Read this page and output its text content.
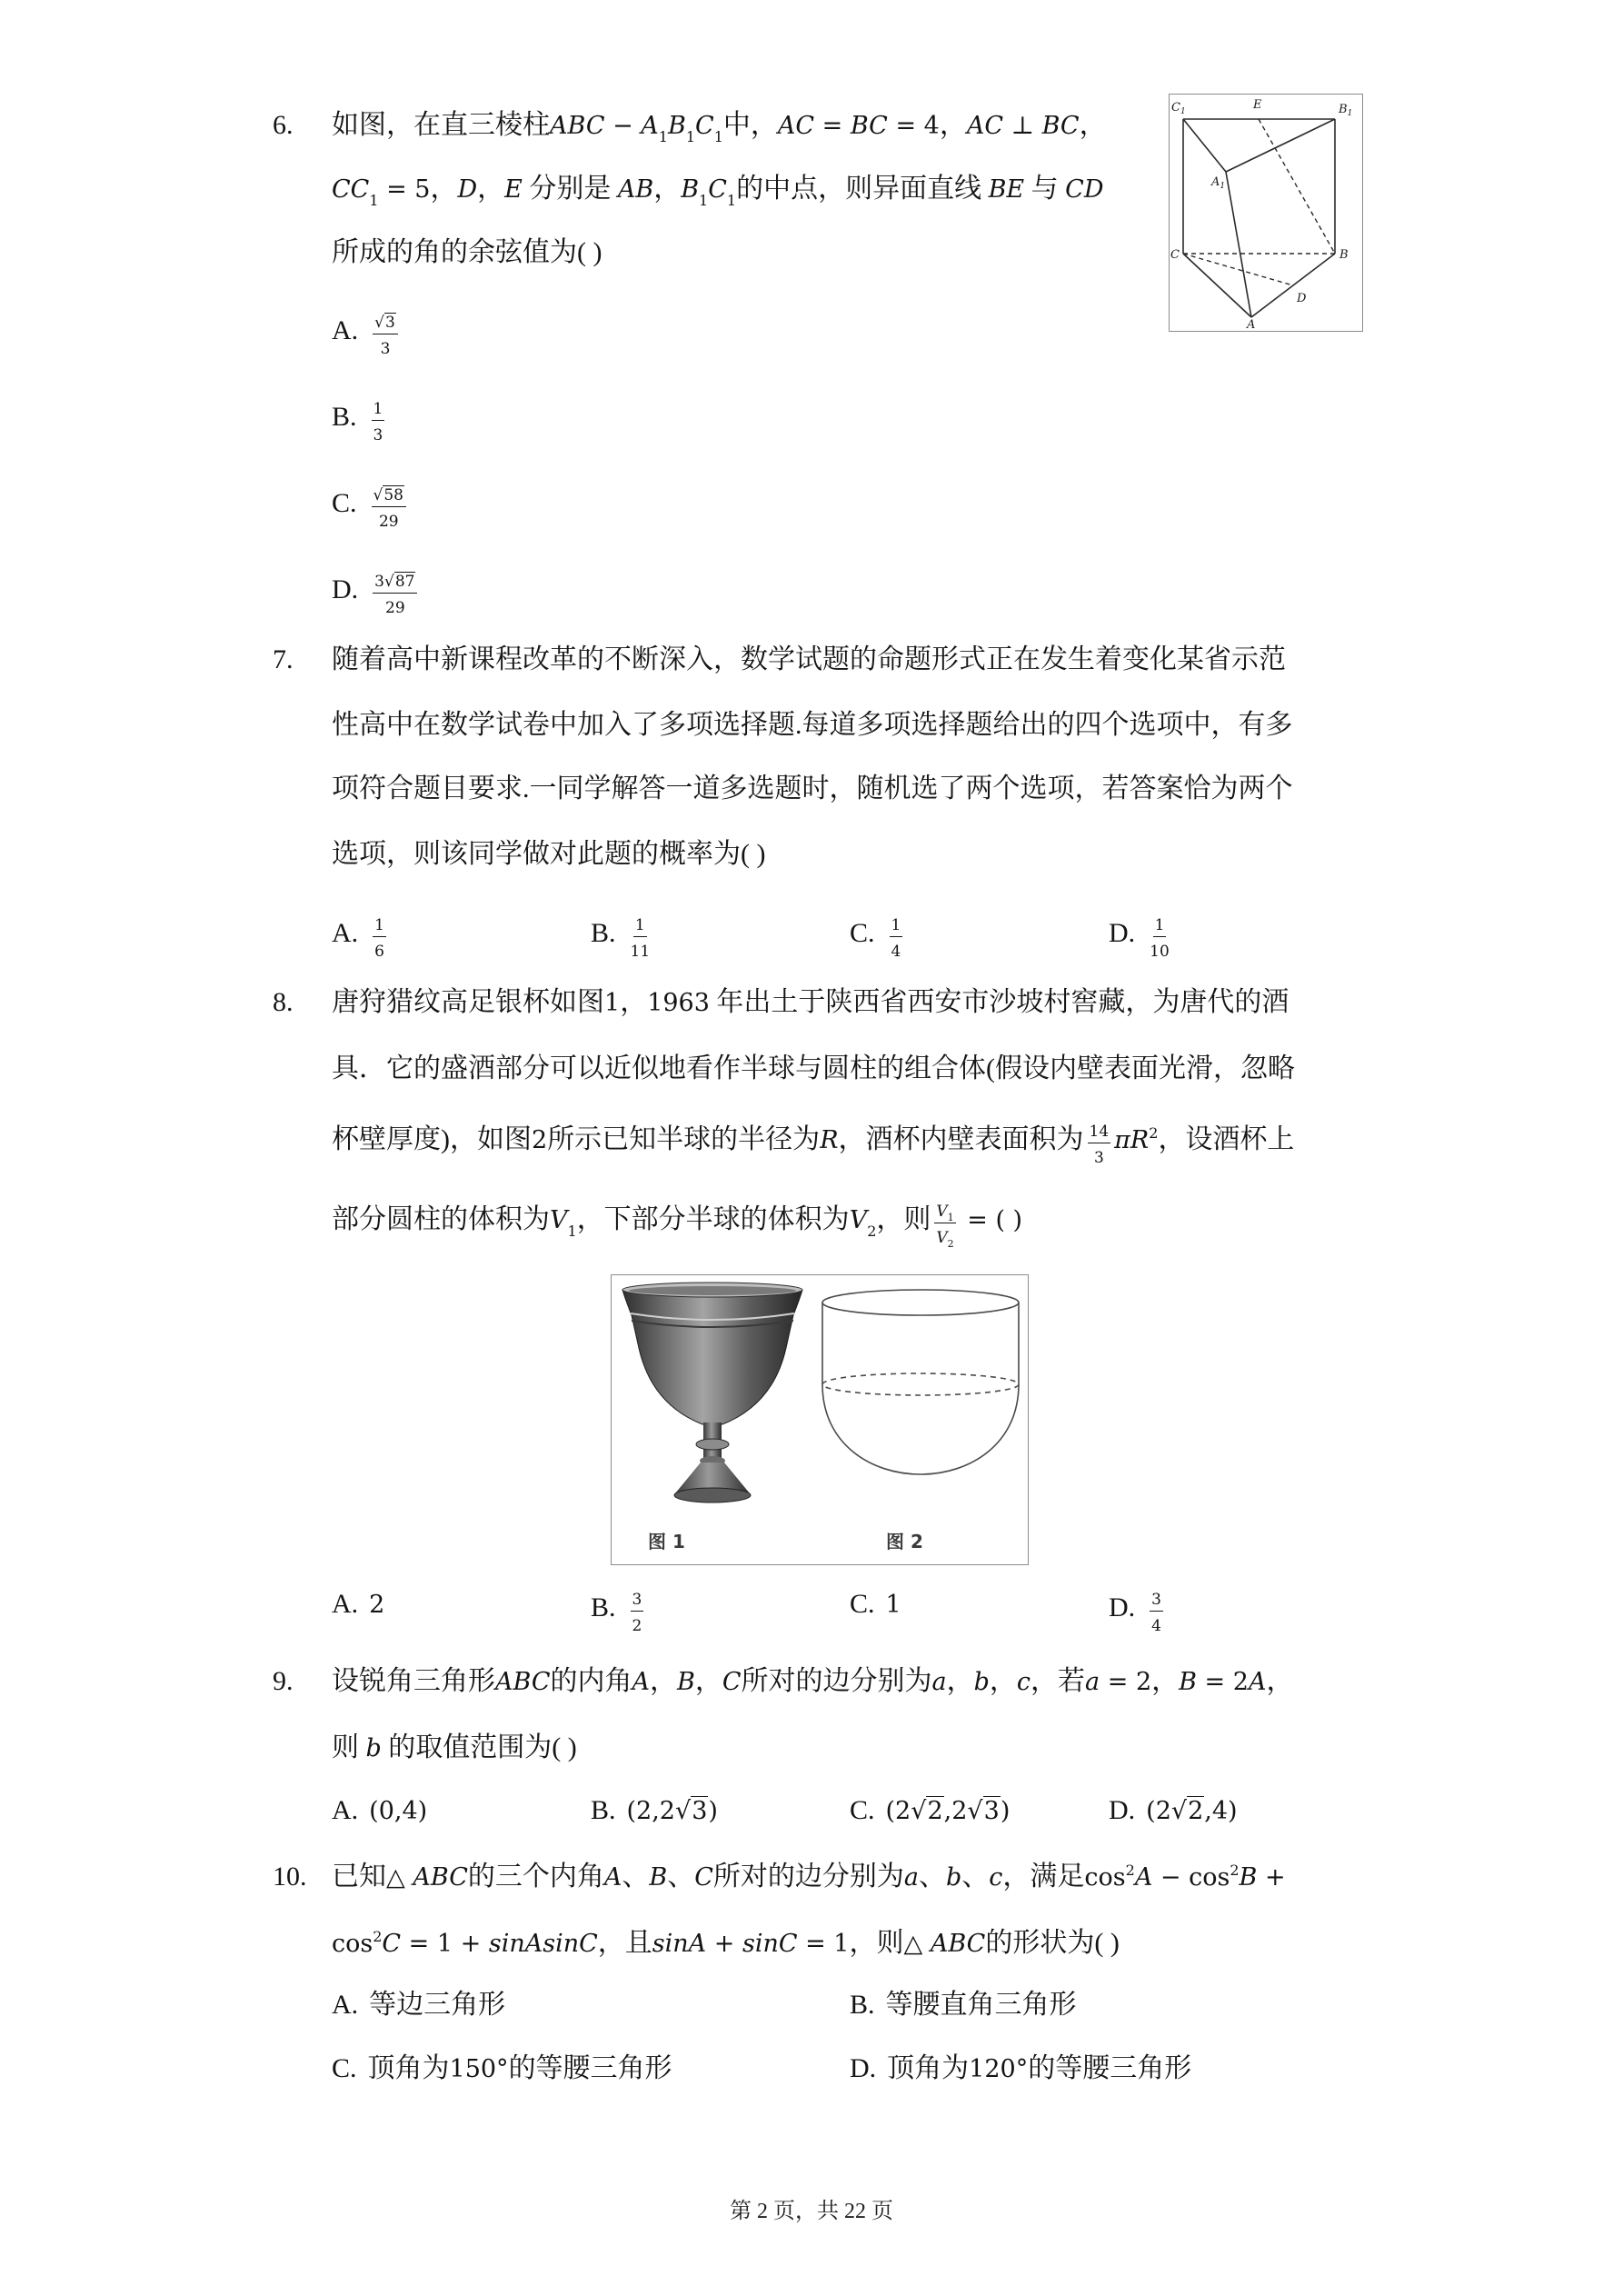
6. 如图，在直三棱柱ABC − $A_1B_1C_1$中，AC = BC = 4，AC ⊥ BC，
$CC_1 = 5$，D，E 分别是 AB，$B_1C_1$的中点，则异面直线 BE 与 CD
所成的角的余弦值为( )
A. $\frac{√3}{3}$
B. $\frac{1}{3}$
C. $\frac{√58}{29}$
D. $\frac{3√87}{29}$
$C_1$	E	$B_1$
$A_1$
C	B
D
A
7. 随着高中新课程改革的不断深入，数学试题的命题形式正在发生着变化某省示范
性高中在数学试卷中加入了多项选择题.每道多项选择题给出的四个选项中，有多
项符合题目要求.一同学解答一道多选题时，随机选了两个选项，若答案恰为两个
选项，则该同学做对此题的概率为( )
A. $\frac{1}{6}$	B. $\frac{1}{11}$	C. $\frac{1}{4}$	D. $\frac{1}{10}$
8. 唐狩猎纹高足银杯如图1，1963 年出土于陕西省西安市沙坡村窖藏，为唐代的酒
具．它的盛酒部分可以近似地看作半球与圆柱的组合体(假设内壁表面光滑，忽略
杯壁厚度)，如图2所示已知半球的半径为R，酒杯内壁表面积为 $\frac{14}{3} \pi R^2$，设酒杯上
部分圆柱的体积为$V_1$，下部分半球的体积为$V_2$，则 $\frac{V_1}{V_2}$ = ( )
图 1	图 2
A. 2	B. $\frac{3}{2}$	C. 1	D. $\frac{3}{4}$
9. 设锐角三角形ABC的内角A，B，C所对的边分别为a，b，c，若a = 2，B = 2A，
则 b 的取值范围为( )
A. (0,4)	B. (2,2√3)	C. (2√2,2√3)	D. (2√2,4)
10. 已知△ ABC的三个内角A、B、C所对的边分别为a、b、c，满足$\cos^2A - \cos^2B$ +
$\cos^2C = 1$ + sinAsinC，且sinA + sinC = 1，则△ ABC的形状为( )
A. 等边三角形	B. 等腰直角三角形
C. 顶角为150°的等腰三角形	D. 顶角为120°的等腰三角形
第 2 页，共 22 页
